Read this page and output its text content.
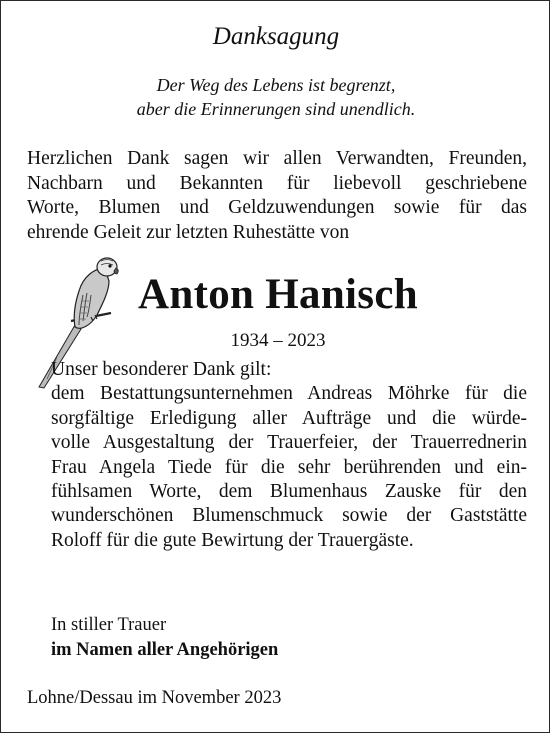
Danksagung
Der Weg des Lebens ist begrenzt,
aber die Erinnerungen sind unendlich.
Herzlichen Dank sagen wir allen Verwandten, Freunden,
Nachbarn und Bekannten für liebevoll geschriebene
Worte, Blumen und Geldzuwendungen sowie für das
ehrende Geleit zur letzten Ruhestätte von
Anton Hanisch
1934 – 2023
Unser besonderer Dank gilt:
dem Bestattungsunternehmen Andreas Möhrke für die
sorgfältige Erledigung aller Aufträge und die würde-
volle Ausgestaltung der Trauerfeier, der Trauerrednerin
Frau Angela Tiede für die sehr berührenden und ein-
fühlsamen Worte, dem Blumenhaus Zauske für den
wunderschönen Blumenschmuck sowie der Gaststätte
Roloff für die gute Bewirtung der Trauergäste.
In stiller Trauer
im Namen aller Angehörigen
Lohne/Dessau im November 2023
